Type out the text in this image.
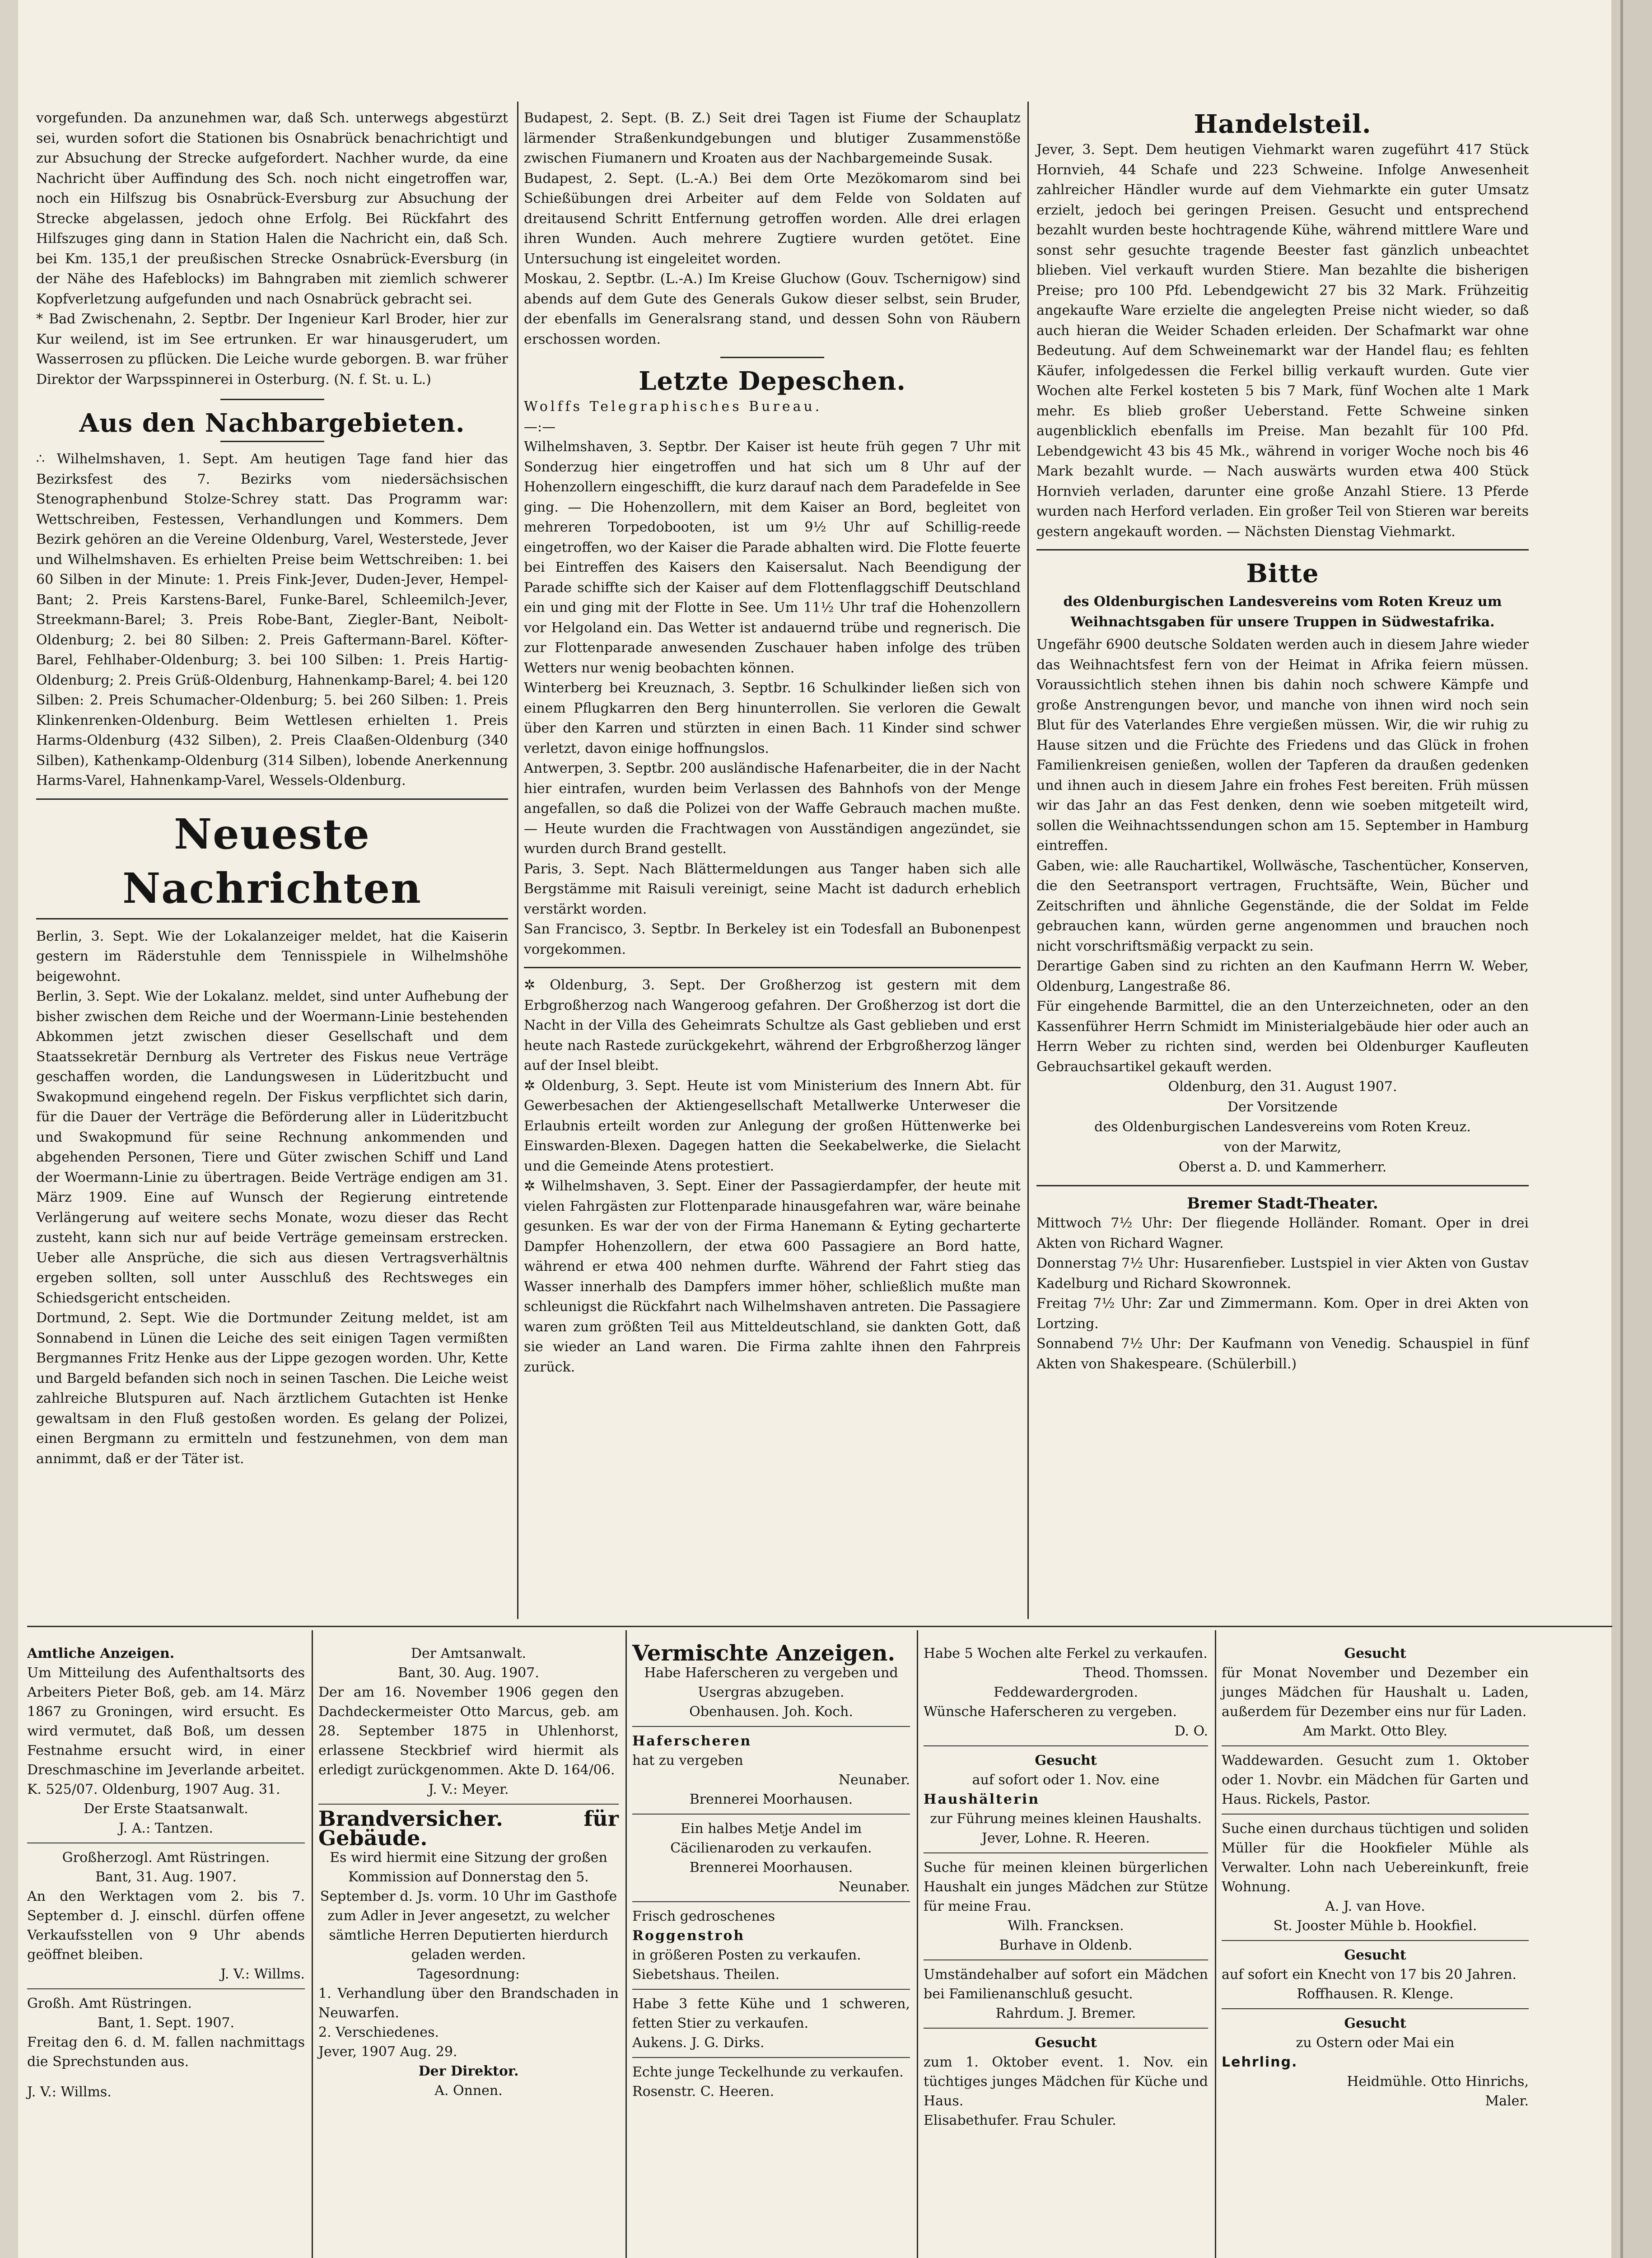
vorgefunden. Da anzunehmen war, daß Sch. unterwegs abgestürzt sei, wurden sofort die Stationen bis Osnabrück benachrichtigt und zur Absuchung der Strecke aufgefordert. Nachher wurde, da eine Nachricht über Auffindung des Sch. noch nicht eingetroffen war, noch ein Hilfszug bis Osnabrück-Eversburg zur Absuchung der Strecke abgelassen, jedoch ohne Erfolg. Bei Rückfahrt des Hilfszuges ging dann in Station Halen die Nachricht ein, daß Sch. bei Km. 135,1 der preußischen Strecke Osnabrück-Eversburg (in der Nähe des Hafeblocks) im Bahngraben mit ziemlich schwerer Kopfverletzung aufgefunden und nach Osnabrück gebracht sei.

* Bad Zwischenahn, 2. Septbr. Der Ingenieur Karl Broder, hier zur Kur weilend, ist im See ertrunken. Er war hinausgerudert, um Wasserrosen zu pflücken. Die Leiche wurde geborgen. B. war früher Direktor der Warpsspinnerei in Osterburg. (N. f. St. u. L.)

Aus den Nachbargebieten.

∴ Wilhelmshaven, 1. Sept. Am heutigen Tage fand hier das Bezirksfest des 7. Bezirks vom niedersächsischen Stenographenbund Stolze-Schrey statt. Das Programm war: Wettschreiben, Festessen, Verhandlungen und Kommers. Dem Bezirk gehören an die Vereine Oldenburg, Varel, Westerstede, Jever und Wilhelmshaven. Es erhielten Preise beim Wettschreiben: 1. bei 60 Silben in der Minute: 1. Preis Fink-Jever, Duden-Jever, Hempel-Bant; 2. Preis Karstens-Barel, Funke-Barel, Schleemilch-Jever, Streekmann-Barel; 3. Preis Robe-Bant, Ziegler-Bant, Neibolt-Oldenburg; 2. bei 80 Silben: 2. Preis Gaftermann-Barel. Köfter-Barel, Fehlhaber-Oldenburg; 3. bei 100 Silben: 1. Preis Hartig-Oldenburg; 2. Preis Grüß-Oldenburg, Hahnenkamp-Barel; 4. bei 120 Silben: 2. Preis Schumacher-Oldenburg; 5. bei 260 Silben: 1. Preis Klinkenrenken-Oldenburg. Beim Wettlesen erhielten 1. Preis Harms-Oldenburg (432 Silben), 2. Preis Claaßen-Oldenburg (340 Silben), Kathenkamp-Oldenburg (314 Silben), lobende Anerkennung Harms-Varel, Hahnenkamp-Varel, Wessels-Oldenburg.

Neueste Nachrichten

Berlin, 3. Sept. Wie der Lokalanzeiger meldet, hat die Kaiserin gestern im Räderstuhle dem Tennisspiele in Wilhelmshöhe beigewohnt.

Berlin, 3. Sept. Wie der Lokalanz. meldet, sind unter Aufhebung der bisher zwischen dem Reiche und der Woermann-Linie bestehenden Abkommen jetzt zwischen dieser Gesellschaft und dem Staatssekretär Dernburg als Vertreter des Fiskus neue Verträge geschaffen worden, die Landungswesen in Lüderitzbucht und Swakopmund eingehend regeln. Der Fiskus verpflichtet sich darin, für die Dauer der Verträge die Beförderung aller in Lüderitzbucht und Swakopmund für seine Rechnung ankommenden und abgehenden Personen, Tiere und Güter zwischen Schiff und Land der Woermann-Linie zu übertragen. Beide Verträge endigen am 31. März 1909. Eine auf Wunsch der Regierung eintretende Verlängerung auf weitere sechs Monate, wozu dieser das Recht zusteht, kann sich nur auf beide Verträge gemeinsam erstrecken. Ueber alle Ansprüche, die sich aus diesen Vertragsverhältnis ergeben sollten, soll unter Ausschluß des Rechtsweges ein Schiedsgericht entscheiden.

Dortmund, 2. Sept. Wie die Dortmunder Zeitung meldet, ist am Sonnabend in Lünen die Leiche des seit einigen Tagen vermißten Bergmannes Fritz Henke aus der Lippe gezogen worden. Uhr, Kette und Bargeld befanden sich noch in seinen Taschen. Die Leiche weist zahlreiche Blutspuren auf. Nach ärztlichem Gutachten ist Henke gewaltsam in den Fluß gestoßen worden. Es gelang der Polizei, einen Bergmann zu ermitteln und festzunehmen, von dem man annimmt, daß er der Täter ist.

Budapest, 2. Sept. (B. Z.) Seit drei Tagen ist Fiume der Schauplatz lärmender Straßenkundgebungen und blutiger Zusammenstöße zwischen Fiumanern und Kroaten aus der Nachbargemeinde Susak.

Budapest, 2. Sept. (L.-A.) Bei dem Orte Mezökomarom sind bei Schießübungen drei Arbeiter auf dem Felde von Soldaten auf dreitausend Schritt Entfernung getroffen worden. Alle drei erlagen ihren Wunden. Auch mehrere Zugtiere wurden getötet. Eine Untersuchung ist eingeleitet worden.

Moskau, 2. Septbr. (L.-A.) Im Kreise Gluchow (Gouv. Tschernigow) sind abends auf dem Gute des Generals Gukow dieser selbst, sein Bruder, der ebenfalls im Generalsrang stand, und dessen Sohn von Räubern erschossen worden.

Letzte Depeschen.

Wolffs Telegraphisches Bureau.

—:—

Wilhelmshaven, 3. Septbr. Der Kaiser ist heute früh gegen 7 Uhr mit Sonderzug hier eingetroffen und hat sich um 8 Uhr auf der Hohenzollern eingeschifft, die kurz darauf nach dem Paradefelde in See ging. — Die Hohenzollern, mit dem Kaiser an Bord, begleitet von mehreren Torpedobooten, ist um 9½ Uhr auf Schillig-reede eingetroffen, wo der Kaiser die Parade abhalten wird. Die Flotte feuerte bei Eintreffen des Kaisers den Kaisersalut. Nach Beendigung der Parade schiffte sich der Kaiser auf dem Flottenflaggschiff Deutschland ein und ging mit der Flotte in See. Um 11½ Uhr traf die Hohenzollern vor Helgoland ein. Das Wetter ist andauernd trübe und regnerisch. Die zur Flottenparade anwesenden Zuschauer haben infolge des trüben Wetters nur wenig beobachten können.

Winterberg bei Kreuznach, 3. Septbr. 16 Schulkinder ließen sich von einem Pflugkarren den Berg hinunterrollen. Sie verloren die Gewalt über den Karren und stürzten in einen Bach. 11 Kinder sind schwer verletzt, davon einige hoffnungslos.

Antwerpen, 3. Septbr. 200 ausländische Hafenarbeiter, die in der Nacht hier eintrafen, wurden beim Verlassen des Bahnhofs von der Menge angefallen, so daß die Polizei von der Waffe Gebrauch machen mußte. — Heute wurden die Frachtwagen von Ausständigen angezündet, sie wurden durch Brand gestellt.

Paris, 3. Sept. Nach Blättermeldungen aus Tanger haben sich alle Bergstämme mit Raisuli vereinigt, seine Macht ist dadurch erheblich verstärkt worden.

San Francisco, 3. Septbr. In Berkeley ist ein Todesfall an Bubonenpest vorgekommen.

✲ Oldenburg, 3. Sept. Der Großherzog ist gestern mit dem Erbgroßherzog nach Wangeroog gefahren. Der Großherzog ist dort die Nacht in der Villa des Geheimrats Schultze als Gast geblieben und erst heute nach Rastede zurückgekehrt, während der Erbgroßherzog länger auf der Insel bleibt.

✲ Oldenburg, 3. Sept. Heute ist vom Ministerium des Innern Abt. für Gewerbesachen der Aktiengesellschaft Metallwerke Unterweser die Erlaubnis erteilt worden zur Anlegung der großen Hüttenwerke bei Einswarden-Blexen. Dagegen hatten die Seekabelwerke, die Sielacht und die Gemeinde Atens protestiert.

✲ Wilhelmshaven, 3. Sept. Einer der Passagierdampfer, der heute mit vielen Fahrgästen zur Flottenparade hinausgefahren war, wäre beinahe gesunken. Es war der von der Firma Hanemann & Eyting gecharterte Dampfer Hohenzollern, der etwa 600 Passagiere an Bord hatte, während er etwa 400 nehmen durfte. Während der Fahrt stieg das Wasser innerhalb des Dampfers immer höher, schließlich mußte man schleunigst die Rückfahrt nach Wilhelmshaven antreten. Die Passagiere waren zum größten Teil aus Mitteldeutschland, sie dankten Gott, daß sie wieder an Land waren. Die Firma zahlte ihnen den Fahrpreis zurück.

Handelsteil.

Jever, 3. Sept. Dem heutigen Viehmarkt waren zugeführt 417 Stück Hornvieh, 44 Schafe und 223 Schweine. Infolge Anwesenheit zahlreicher Händler wurde auf dem Viehmarkte ein guter Umsatz erzielt, jedoch bei geringen Preisen. Gesucht und entsprechend bezahlt wurden beste hochtragende Kühe, während mittlere Ware und sonst sehr gesuchte tragende Beester fast gänzlich unbeachtet blieben. Viel verkauft wurden Stiere. Man bezahlte die bisherigen Preise; pro 100 Pfd. Lebendgewicht 27 bis 32 Mark. Frühzeitig angekaufte Ware erzielte die angelegten Preise nicht wieder, so daß auch hieran die Weider Schaden erleiden. Der Schafmarkt war ohne Bedeutung. Auf dem Schweinemarkt war der Handel flau; es fehlten Käufer, infolgedessen die Ferkel billig verkauft wurden. Gute vier Wochen alte Ferkel kosteten 5 bis 7 Mark, fünf Wochen alte 1 Mark mehr. Es blieb großer Ueberstand. Fette Schweine sinken augenblicklich ebenfalls im Preise. Man bezahlt für 100 Pfd. Lebendgewicht 43 bis 45 Mk., während in voriger Woche noch bis 46 Mark bezahlt wurde. — Nach auswärts wurden etwa 400 Stück Hornvieh verladen, darunter eine große Anzahl Stiere. 13 Pferde wurden nach Herford verladen. Ein großer Teil von Stieren war bereits gestern angekauft worden. — Nächsten Dienstag Viehmarkt.

Bitte

des Oldenburgischen Landesvereins vom Roten Kreuz um Weihnachtsgaben für unsere Truppen in Südwestafrika.

Ungefähr 6900 deutsche Soldaten werden auch in diesem Jahre wieder das Weihnachtsfest fern von der Heimat in Afrika feiern müssen. Voraussichtlich stehen ihnen bis dahin noch schwere Kämpfe und große Anstrengungen bevor, und manche von ihnen wird noch sein Blut für des Vaterlandes Ehre vergießen müssen. Wir, die wir ruhig zu Hause sitzen und die Früchte des Friedens und das Glück in frohen Familienkreisen genießen, wollen der Tapferen da draußen gedenken und ihnen auch in diesem Jahre ein frohes Fest bereiten. Früh müssen wir das Jahr an das Fest denken, denn wie soeben mitgeteilt wird, sollen die Weihnachtssendungen schon am 15. September in Hamburg eintreffen.

Gaben, wie: alle Rauchartikel, Wollwäsche, Taschentücher, Konserven, die den Seetransport vertragen, Fruchtsäfte, Wein, Bücher und Zeitschriften und ähnliche Gegenstände, die der Soldat im Felde gebrauchen kann, würden gerne angenommen und brauchen noch nicht vorschriftsmäßig verpackt zu sein.

Derartige Gaben sind zu richten an den Kaufmann Herrn W. Weber, Oldenburg, Langestraße 86.

Für eingehende Barmittel, die an den Unterzeichneten, oder an den Kassenführer Herrn Schmidt im Ministerialgebäude hier oder auch an Herrn Weber zu richten sind, werden bei Oldenburger Kaufleuten Gebrauchsartikel gekauft werden.

Oldenburg, den 31. August 1907.

Der Vorsitzende

des Oldenburgischen Landesvereins vom Roten Kreuz.

von der Marwitz,

Oberst a. D. und Kammerherr.

Bremer Stadt-Theater.

Mittwoch 7½ Uhr: Der fliegende Holländer. Romant. Oper in drei Akten von Richard Wagner.

Donnerstag 7½ Uhr: Husarenfieber. Lustspiel in vier Akten von Gustav Kadelburg und Richard Skowronnek.

Freitag 7½ Uhr: Zar und Zimmermann. Kom. Oper in drei Akten von Lortzing.

Sonnabend 7½ Uhr: Der Kaufmann von Venedig. Schauspiel in fünf Akten von Shakespeare. (Schülerbill.)

Amtliche Anzeigen.

Um Mitteilung des Aufenthaltsorts des Arbeiters Pieter Boß, geb. am 14. März 1867 zu Groningen, wird ersucht. Es wird vermutet, daß Boß, um dessen Festnahme ersucht wird, in einer Dreschmaschine im Jeverlande arbeitet. K. 525/07. Oldenburg, 1907 Aug. 31.

Der Erste Staatsanwalt.

J. A.: Tantzen.

Großherzogl. Amt Rüstringen.

Bant, 31. Aug. 1907.

An den Werktagen vom 2. bis 7. September d. J. einschl. dürfen offene Verkaufsstellen von 9 Uhr abends geöffnet bleiben.

J. V.: Willms.

Großh. Amt Rüstringen.

Bant, 1. Sept. 1907.

Freitag den 6. d. M. fallen nachmittags die Sprechstunden aus.

J. V.: Willms.

Der Amtsanwalt.

Bant, 30. Aug. 1907.

Der am 16. November 1906 gegen den Dachdeckermeister Otto Marcus, geb. am 28. September 1875 in Uhlenhorst, erlassene Steckbrief wird hiermit als erledigt zurückgenommen. Akte D. 164/06.

J. V.: Meyer.

Brandversicher. für Gebäude.

Es wird hiermit eine Sitzung der großen Kommission auf Donnerstag den 5. September d. Js. vorm. 10 Uhr im Gasthofe zum Adler in Jever angesetzt, zu welcher sämtliche Herren Deputierten hierdurch geladen werden.

Tagesordnung:

1. Verhandlung über den Brandschaden in Neuwarfen.

2. Verschiedenes.

Jever, 1907 Aug. 29.

Der Direktor.

A. Onnen.

Vermischte Anzeigen.

Habe Haferscheren zu vergeben und Usergras abzugeben.

Obenhausen. Joh. Koch.

Haferscheren

hat zu vergeben

Neunaber.

Brennerei Moorhausen.

Ein halbes Metje Andel im Cäcilienaroden zu verkaufen.

Brennerei Moorhausen.

Neunaber.

Frisch gedroschenes

Roggenstroh

in größeren Posten zu verkaufen.

Siebetshaus. Theilen.

Habe 3 fette Kühe und 1 schweren, fetten Stier zu verkaufen.

Aukens. J. G. Dirks.

Echte junge Teckelhunde zu verkaufen.

Rosenstr. C. Heeren.

Habe 5 Wochen alte Ferkel zu verkaufen.

Theod. Thomssen.

Feddewardergroden.

Wünsche Haferscheren zu vergeben.

D. O.

Gesucht

auf sofort oder 1. Nov. eine

Haushälterin

zur Führung meines kleinen Haushalts.

Jever, Lohne. R. Heeren.

Suche für meinen kleinen bürgerlichen Haushalt ein junges Mädchen zur Stütze für meine Frau.

Wilh. Francksen.

Burhave in Oldenb.

Umständehalber auf sofort ein Mädchen bei Familienanschluß gesucht.

Rahrdum. J. Bremer.

Gesucht

zum 1. Oktober event. 1. Nov. ein tüchtiges junges Mädchen für Küche und Haus.

Elisabethufer. Frau Schuler.

Gesucht

für Monat November und Dezember ein junges Mädchen für Haushalt u. Laden, außerdem für Dezember eins nur für Laden.

Am Markt. Otto Bley.

Waddewarden. Gesucht zum 1. Oktober oder 1. Novbr. ein Mädchen für Garten und Haus. Rickels, Pastor.

Suche einen durchaus tüchtigen und soliden Müller für die Hookfieler Mühle als Verwalter. Lohn nach Uebereinkunft, freie Wohnung.

A. J. van Hove.

St. Jooster Mühle b. Hookfiel.

Gesucht

auf sofort ein Knecht von 17 bis 20 Jahren.

Roffhausen. R. Klenge.

Gesucht

zu Ostern oder Mai ein

Lehrling.

Heidmühle. Otto Hinrichs,

Maler.
